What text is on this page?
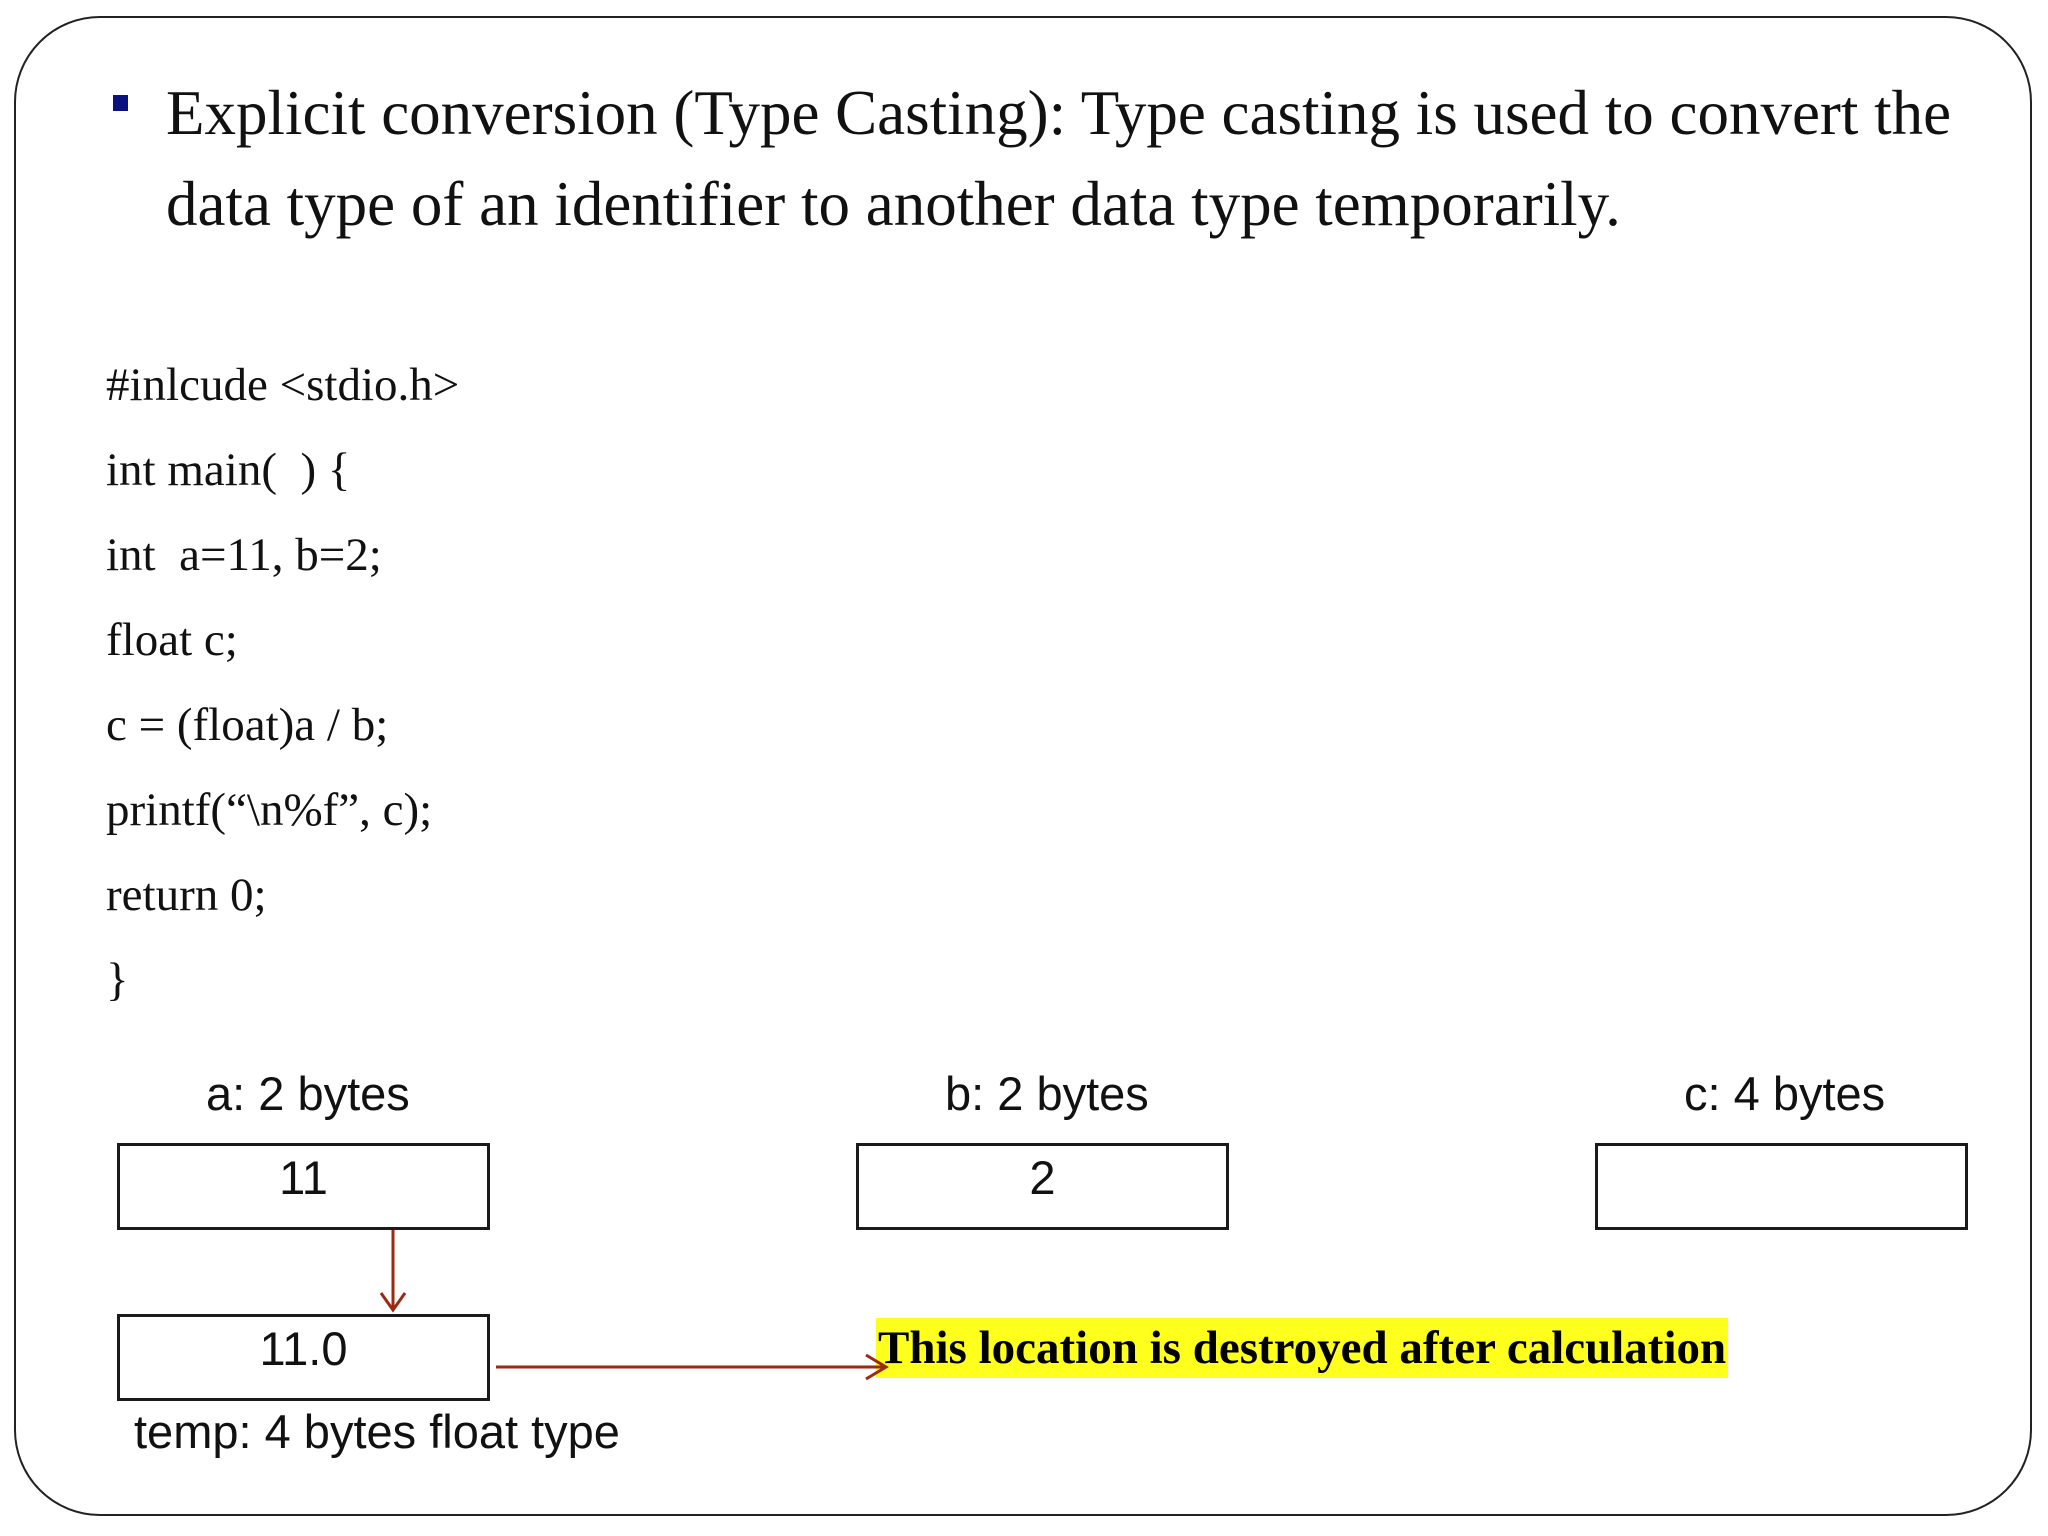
Explicit conversion (Type Casting): Type casting is used to convert the data type of an identifier to another data type temporarily.
#inlcude <stdio.h>
int main(  ) {
int  a=11, b=2;
float c;
c = (float)a / b;
printf(“\n%f”, c);
return 0;
}
a: 2 bytes	b: 2 bytes	c: 4 bytes
11	2
11.0
temp: 4 bytes float type
This location is destroyed after calculation
